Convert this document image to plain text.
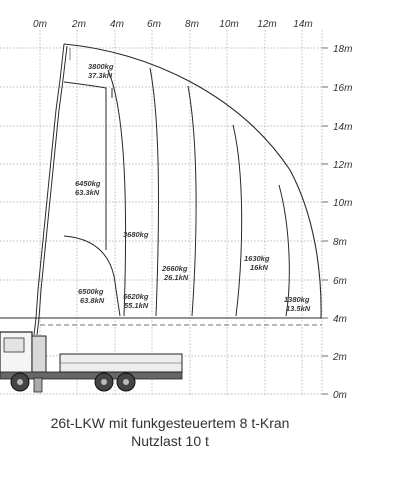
0m	2m 4m 6m 8m 10m 12m 14m
18m
16m
14m
12m
10m
8m
6m
4m
2m
0m
3800kg
37.3kN
6450kg
63.3kN
3680kg
2660kg
26.1kN
1630kg
16kN
6500kg
63.8kN	5620kg
55.1kN
1380kg
13.5kN
26t-LKW mit funkgesteuertem 8 t-Kran
Nutzlast 10 t
